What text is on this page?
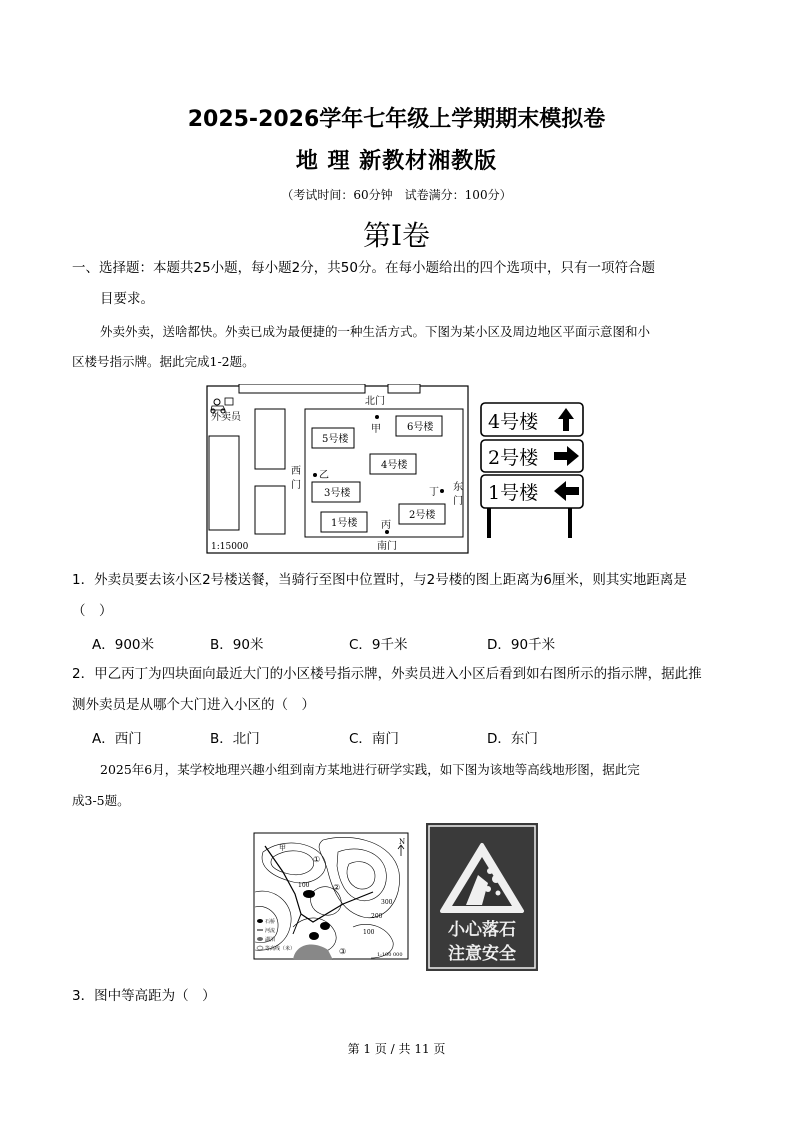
2025-2026学年七年级上学期期末模拟卷
地 理 新教材湘教版
（考试时间：60分钟　试卷满分：100分）
第I卷
一、选择题：本题共25小题，每小题2分，共50分。在每小题给出的四个选项中，只有一项符合题
目要求。
外卖外卖，送啥都快。外卖已成为最便捷的一种生活方式。下图为某小区及周边地区平面示意图和小
区楼号指示牌。据此完成1-2题。
外卖员
北门
南门
西
门	东
门
甲
乙
丁
丙
5号楼
6号楼
4号楼
3号楼
1号楼
2号楼
1:15000
4号楼
2号楼
1号楼
1．外卖员要去该小区2号楼送餐，当骑行至图中位置时，与2号楼的图上距离为6厘米，则其实地距离是
（　）
A．900米	B．90米	C．9千米	D．90千米
2．甲乙丙丁为四块面向最近大门的小区楼号指示牌，外卖员进入小区后看到如右图所示的指示牌，据此推
测外卖员是从哪个大门进入小区的（　）
A．西门	B．北门	C．南门	D．东门
2025年6月，某学校地理兴趣小组到南方某地进行研学实践，如下图为该地等高线地形图，据此完
成3-5题。
N
甲
①
②
③
100
100
200
300
石桥
河流
湖泊
等高线（米）
1:100 000
小心落石
注意安全
3．图中等高距为（　）
第 1 页 / 共 11 页
